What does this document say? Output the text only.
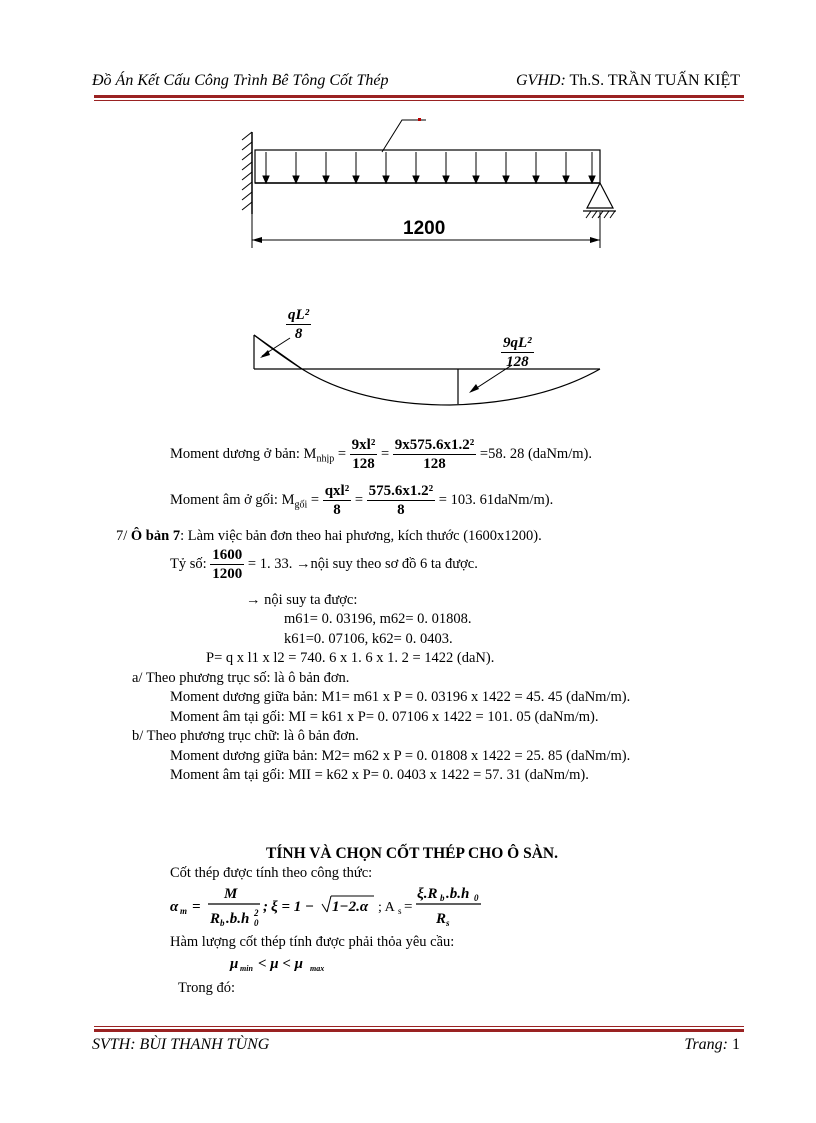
Đồ Án Kết Cấu Công Trình Bê Tông Cốt Thép	GVHD: Th.S. TRẦN TUẤN KIỆT
1200
$\frac{\text{qL²}}{8}$
$\frac{\text{9qL²}}{128}$
Moment dương ở bản: $M_{nhịp} = \frac{\text{9xl²}}{128} = \frac{\text{9x575.6x1.2²}}{128} =58$. 28 (daNm/m).
Moment âm ở gối: $M_{gối} = \frac{\text{qxl²}}{8} = \frac{\text{575.6x1.2²}}{8} = 103$. 61daNm/m).
7/ Ô bản 7: Làm việc bản đơn theo hai phương, kích thước (1600x1200).
Tỷ số: $\frac{1600}{1200} = 1$. 33. →nội suy theo sơ đồ 6 ta được.
→ nội suy ta được:
m61= 0. 03196, m62= 0. 01808.
k61=0. 07106, k62= 0. 0403.
P= q x l1 x l2 = 740. 6 x 1. 6 x 1. 2 = 1422 (daN).
a/ Theo phương trục số: là ô bản đơn.
Moment dương giữa bản: M1= m61 x P = 0. 03196 x 1422 = 45. 45 (daNm/m).
Moment âm tại gối: MI = k61 x P= 0. 07106 x 1422 = 101. 05 (daNm/m).
b/ Theo phương trục chữ: là ô bản đơn.
Moment dương giữa bản: M2= m62 x P = 0. 01808 x 1422 = 25. 85 (daNm/m).
Moment âm tại gối: MII = k62 x P= 0. 0403 x 1422 = 57. 31 (daNm/m).
TÍNH VÀ CHỌN CỐT THÉP CHO Ô SÀN.
Cốt thép được tính theo công thức:
α m =
M
R b .b.h 0
2 ; ξ = 1 − 1−2.α ; A s =
ξ.R b .b.h 0
R s
Hàm lượng cốt thép tính được phải thỏa yêu cầu:
μ min < μ < μ max
Trong đó:
SVTH: BÙI THANH TÙNG	Trang: 1
